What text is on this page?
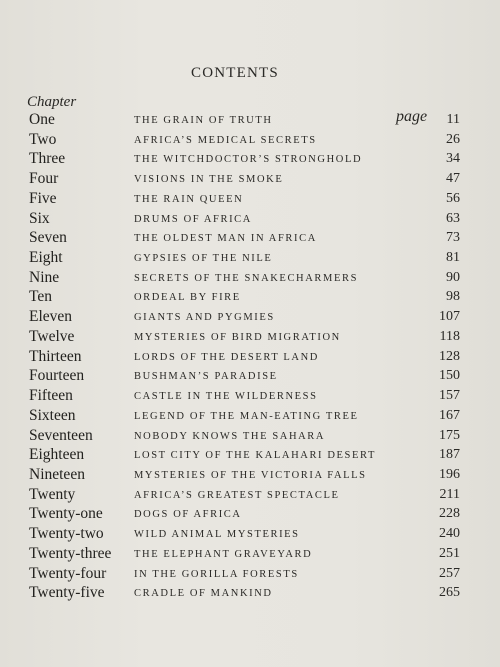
CONTENTS
Chapter
page
One	THE GRAIN OF TRUTH	11
Two	AFRICA’S MEDICAL SECRETS	26
Three	THE WITCHDOCTOR’S STRONGHOLD	34
Four	VISIONS IN THE SMOKE	47
Five	THE RAIN QUEEN	56
Six	DRUMS OF AFRICA	63
Seven	THE OLDEST MAN IN AFRICA	73
Eight	GYPSIES OF THE NILE	81
Nine	SECRETS OF THE SNAKECHARMERS	90
Ten	ORDEAL BY FIRE	98
Eleven	GIANTS AND PYGMIES	107
Twelve	MYSTERIES OF BIRD MIGRATION	118
Thirteen	LORDS OF THE DESERT LAND	128
Fourteen	BUSHMAN’S PARADISE	150
Fifteen	CASTLE IN THE WILDERNESS	157
Sixteen	LEGEND OF THE MAN-EATING TREE	167
Seventeen	NOBODY KNOWS THE SAHARA	175
Eighteen	LOST CITY OF THE KALAHARI DESERT	187
Nineteen	MYSTERIES OF THE VICTORIA FALLS	196
Twenty	AFRICA’S GREATEST SPECTACLE	211
Twenty-one	DOGS OF AFRICA	228
Twenty-two	WILD ANIMAL MYSTERIES	240
Twenty-three THE ELEPHANT GRAVEYARD	251
Twenty-four	IN THE GORILLA FORESTS	257
Twenty-five	CRADLE OF MANKIND	265
